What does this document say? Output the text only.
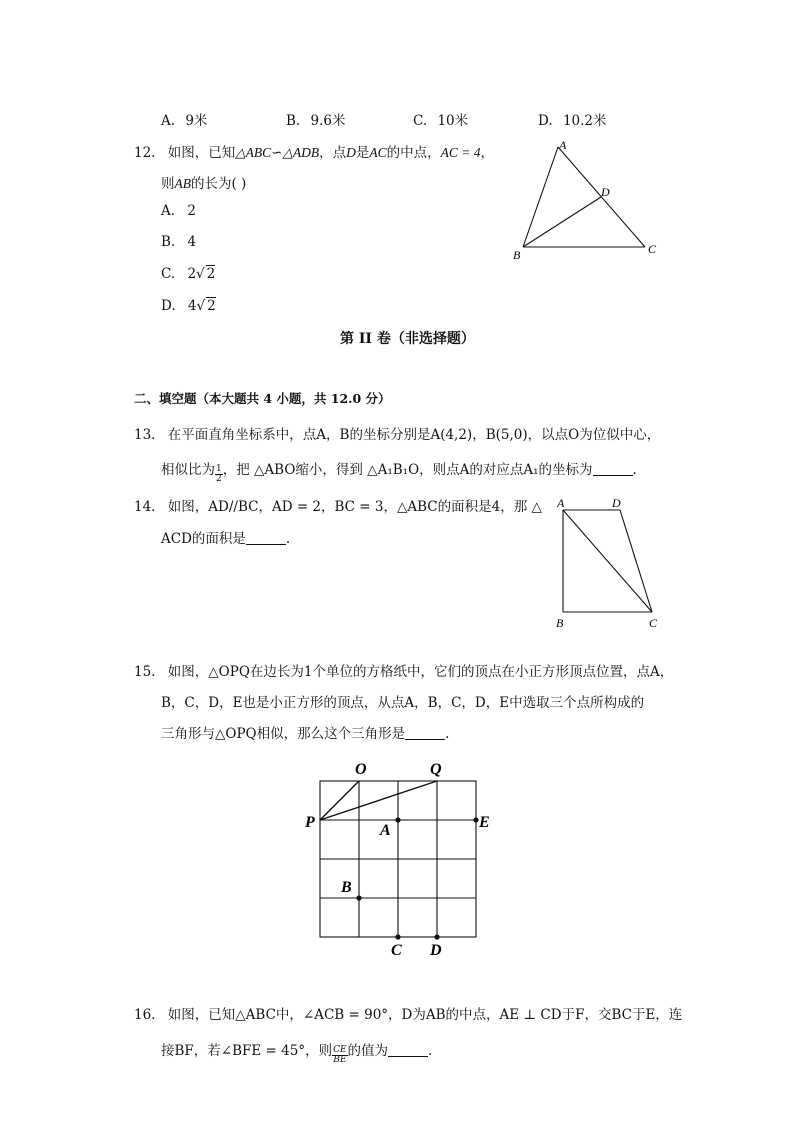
A. 9米	B. 9.6米	C. 10米	D. 10.2米
12. 如图，已知△ABC∽△ADB，点D是AC的中点，AC = 4，
则AB的长为( )
A. 2
B. 4
C. 2√ 2
D. 4√ 2
A
B	C
D
第 II 卷（非选择题）
二、填空题（本大题共 4 小题，共 12.0 分）
13. 在平面直角坐标系中，点A，B的坐标分别是A(4,2)，B(5,0)，以点O为位似中心，
相似比为 $\frac{1}{2}$ ，把 △ABO缩小，得到 △A₁B₁O，则点A的对应点A₁的坐标为	.
14. 如图，AD//BC，AD = 2，BC = 3，△ABC的面积是4，那 △
ACD的面积是	.
A	D
B	C
15. 如图，△OPQ在边长为1个单位的方格纸中，它们的顶点在小正方形顶点位置，点A，
B，C，D，E也是小正方形的顶点，从点A，B，C，D，E中选取三个点所构成的
三角形与△OPQ相似，那么这个三角形是	.
O	Q
P	A	E
B
C D
16. 如图，已知△ABC中，∠ACB = 90°，D为AB的中点，AE ⊥ CD于F，交BC于E，连
接BF，若∠BFE = 45°，则 $\frac{CE}{BE}$ 的值为	.
